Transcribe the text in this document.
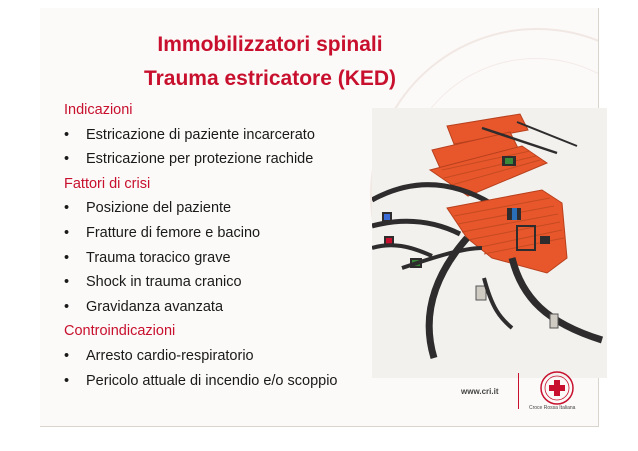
Immobilizzatori spinali
Trauma estricatore (KED)
Indicazioni
• Estricazione di paziente incarcerato
• Estricazione per protezione rachide
Fattori di crisi
• Posizione del paziente
• Fratture di femore e bacino
• Trauma toracico grave
• Shock in trauma cranico
• Gravidanza avanzata
Controindicazioni
• Arresto cardio-respiratorio
• Pericolo attuale di incendio e/o scoppio
www.cri.it
Croce Rossa Italiana
